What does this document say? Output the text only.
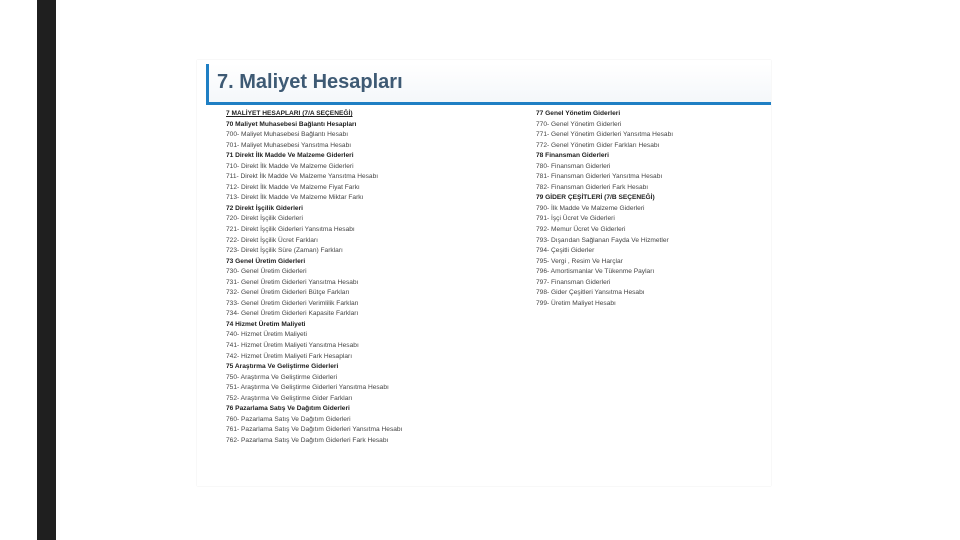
7. Maliyet Hesapları
7 MALİYET HESAPLARI (7/A SEÇENEĞİ)
70 Maliyet Muhasebesi Bağlantı Hesapları
700- Maliyet Muhasebesi Bağlantı Hesabı
701- Maliyet Muhasebesi Yansıtma Hesabı
71 Direkt İlk Madde Ve Malzeme Giderleri
710- Direkt İlk Madde Ve Malzeme Giderleri
711- Direkt İlk Madde Ve Malzeme Yansıtma Hesabı
712- Direkt İlk Madde Ve Malzeme Fiyat Farkı
713- Direkt İlk Madde Ve Malzeme Miktar Farkı
72 Direkt İşçilik Giderleri
720- Direkt İşçilik Giderleri
721- Direkt İşçilik Giderleri Yansıtma Hesabı
722- Direkt İşçilik Ücret Farkları
723- Direkt İşçilik Süre (Zaman) Farkları
73 Genel Üretim Giderleri
730- Genel Üretim Giderleri
731- Genel Üretim Giderleri Yansıtma Hesabı
732- Genel Üretim Giderleri Bütçe Farkları
733- Genel Üretim Giderleri Verimlilik Farkları
734- Genel Üretim Giderleri Kapasite Farkları
74 Hizmet Üretim Maliyeti
740- Hizmet Üretim Maliyeti
741- Hizmet Üretim Maliyeti Yansıtma Hesabı
742- Hizmet Üretim Maliyeti Fark Hesapları
75 Araştırma Ve Geliştirme Giderleri
750- Araştırma Ve Geliştirme Giderleri
751- Araştırma Ve Geliştirme Giderleri Yansıtma Hesabı
752- Araştırma Ve Geliştirme Gider Farkları
76 Pazarlama Satış Ve Dağıtım Giderleri
760- Pazarlama Satış Ve Dağıtım Giderleri
761- Pazarlama Satış Ve Dağıtım Giderleri Yansıtma Hesabı
762- Pazarlama Satış Ve Dağıtım Giderleri Fark Hesabı
77 Genel Yönetim Giderleri
770- Genel Yönetim Giderleri
771- Genel Yönetim Giderleri Yansıtma Hesabı
772- Genel Yönetim Gider Farkları Hesabı
78 Finansman Giderleri
780- Finansman Giderleri
781- Finansman Giderleri Yansıtma Hesabı
782- Finansman Giderleri Fark Hesabı
79 GİDER ÇEŞİTLERİ (7/B SEÇENEĞİ)
790- İlk Madde Ve Malzeme Giderleri
791- İşçi Ücret Ve Giderleri
792- Memur Ücret Ve Giderleri
793- Dışarıdan Sağlanan Fayda Ve Hizmetler
794- Çeşitli Giderler
795- Vergi , Resim Ve Harçlar
796- Amortismanlar Ve Tükenme Payları
797- Finansman Giderleri
798- Gider Çeşitleri Yansıtma Hesabı
799- Üretim Maliyet Hesabı
